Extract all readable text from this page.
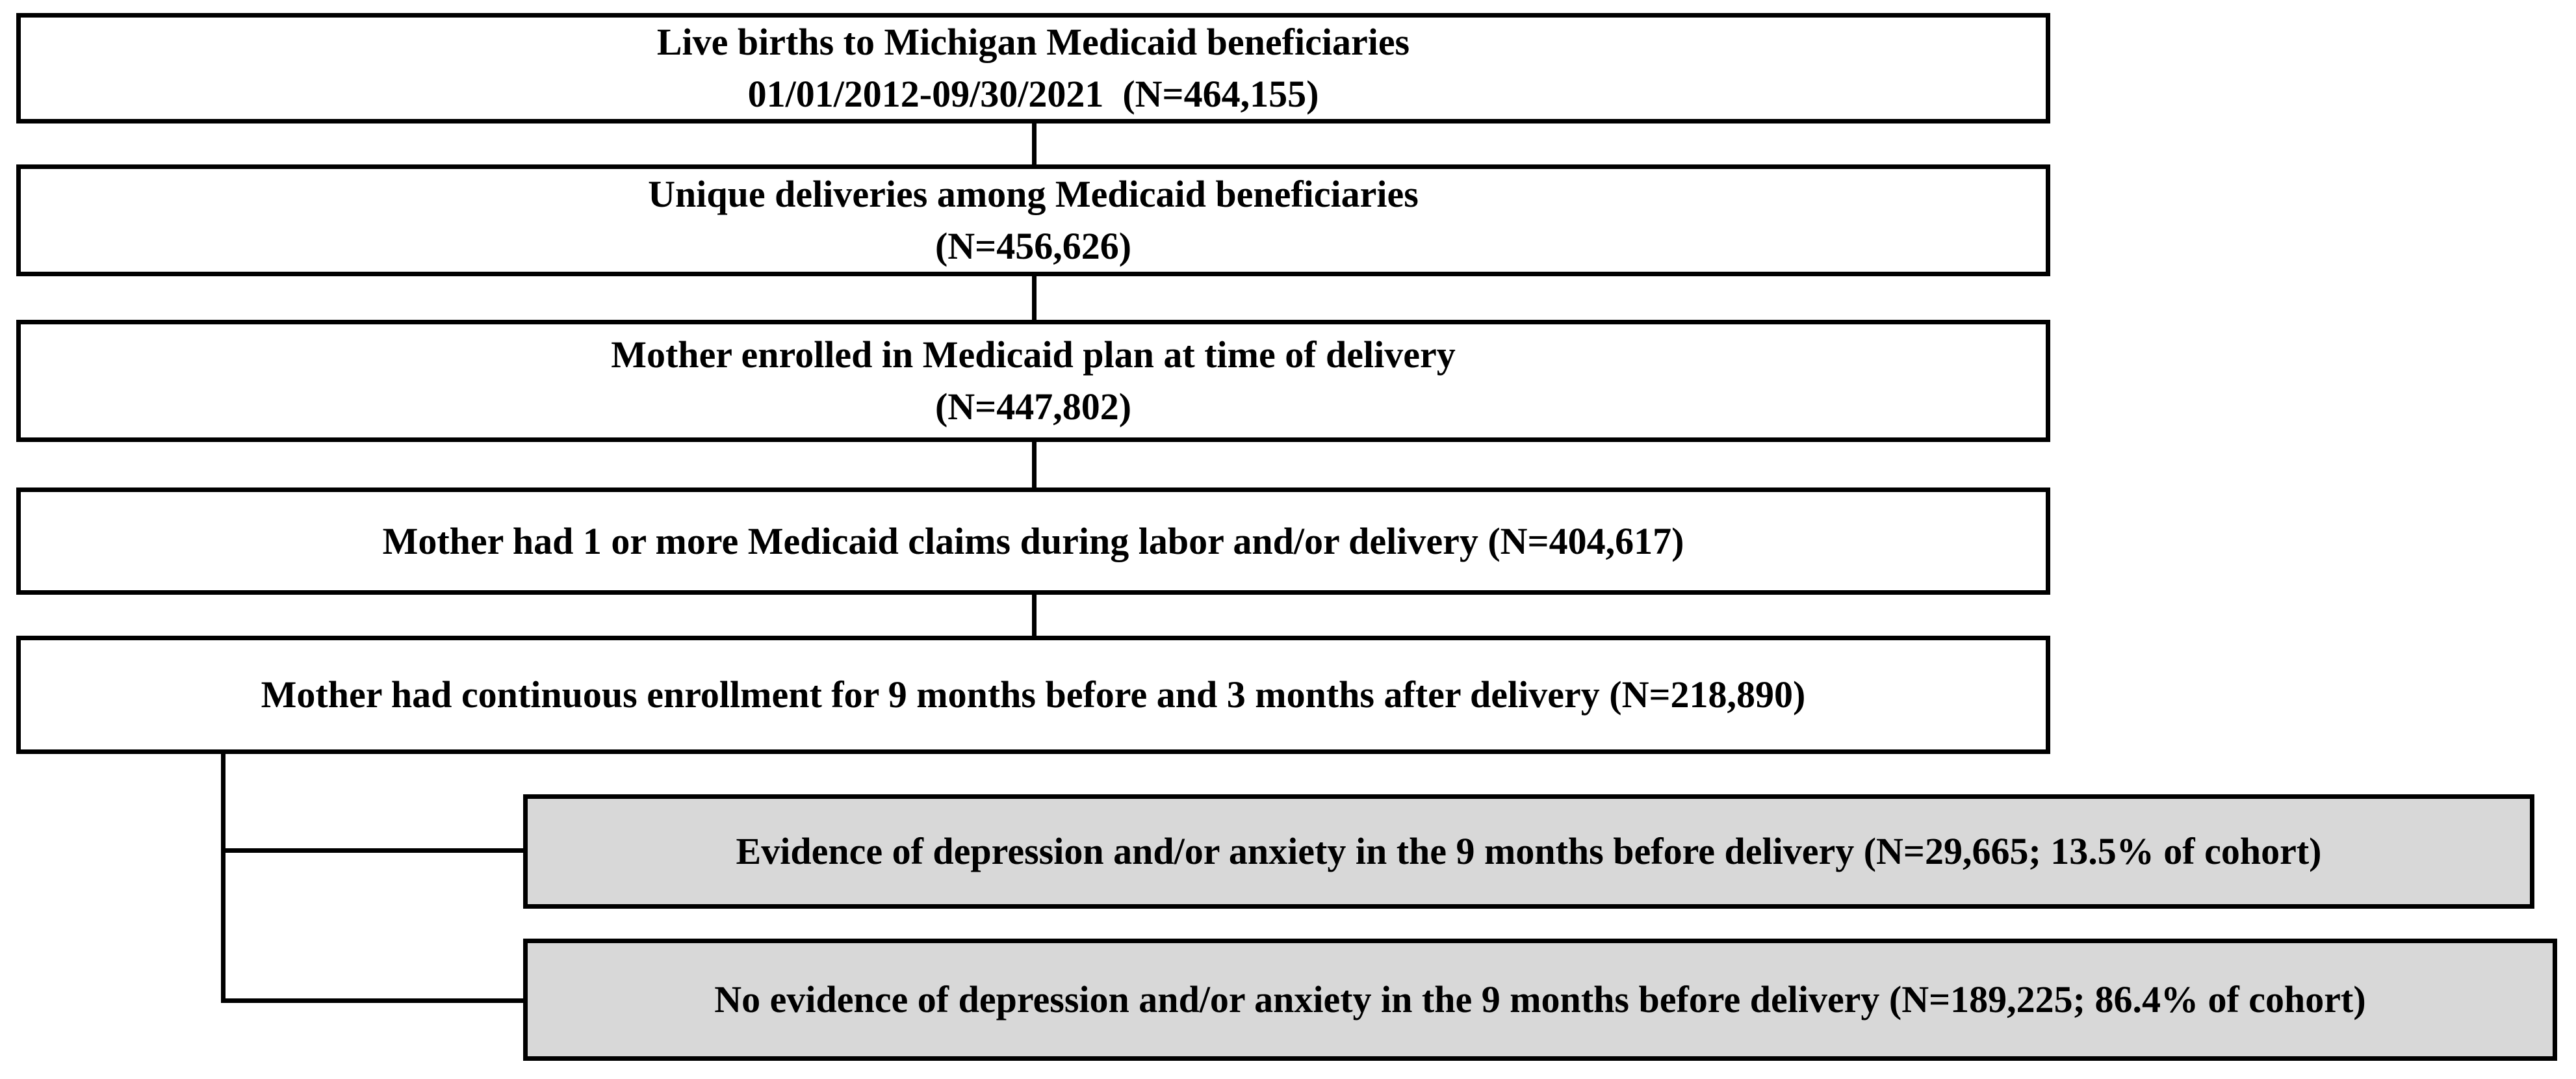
Live births to Michigan Medicaid beneficiaries
01/01/2012-09/30/2021  (N=464,155)
Unique deliveries among Medicaid beneficiaries
(N=456,626)
Mother enrolled in Medicaid plan at time of delivery
(N=447,802)
Mother had 1 or more Medicaid claims during labor and/or delivery (N=404,617)
Mother had continuous enrollment for 9 months before and 3 months after delivery (N=218,890)
Evidence of depression and/or anxiety in the 9 months before delivery (N=29,665; 13.5% of cohort)
No evidence of depression and/or anxiety in the 9 months before delivery (N=189,225; 86.4% of cohort)
